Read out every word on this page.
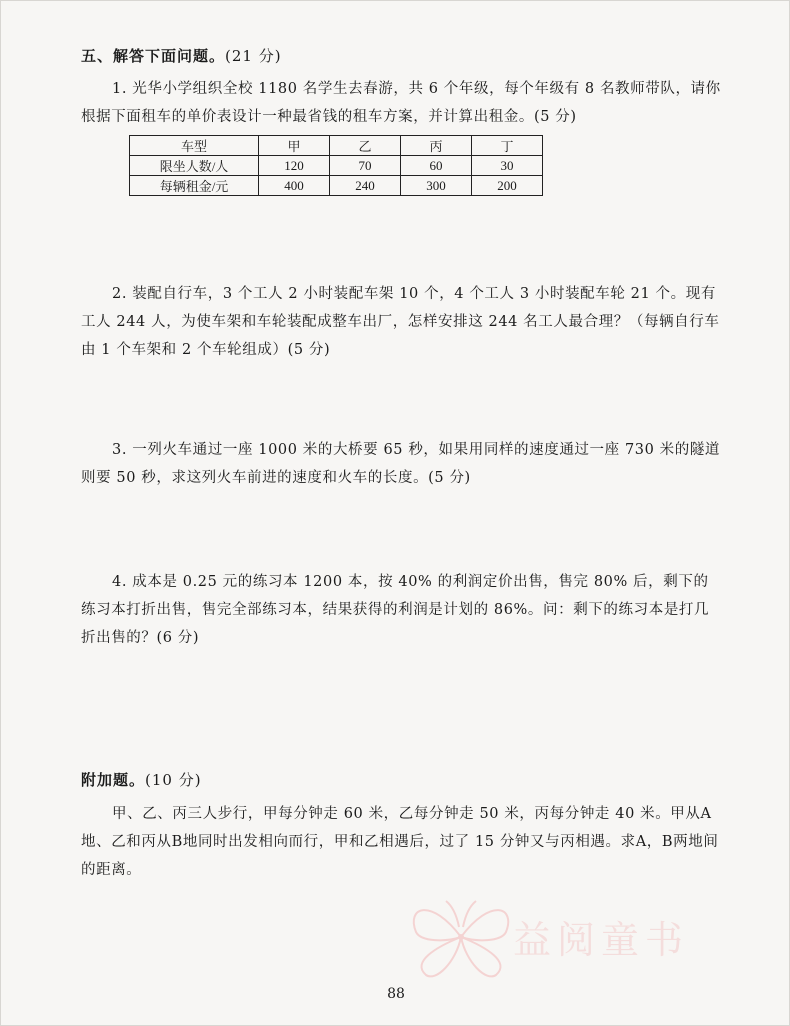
五、解答下面问题。(21 分)
1. 光华小学组织全校 1180 名学生去春游，共 6 个年级，每个年级有 8 名教师带队，请你根据下面租车的单价表设计一种最省钱的租车方案，并计算出租金。(5 分)
车型	甲	乙	丙	丁
限坐人数/人	120	70	60	30
每辆租金/元	400	240	300	200
2. 装配自行车，3 个工人 2 小时装配车架 10 个，4 个工人 3 小时装配车轮 21 个。现有工人 244 人，为使车架和车轮装配成整车出厂，怎样安排这 244 名工人最合理？（每辆自行车由 1 个车架和 2 个车轮组成）(5 分)
3. 一列火车通过一座 1000 米的大桥要 65 秒，如果用同样的速度通过一座 730 米的隧道则要 50 秒，求这列火车前进的速度和火车的长度。(5 分)
4. 成本是 0.25 元的练习本 1200 本，按 40% 的利润定价出售，售完 80% 后，剩下的练习本打折出售，售完全部练习本，结果获得的利润是计划的 86%。问：剩下的练习本是打几折出售的？(6 分)
附加题。(10 分)
甲、乙、丙三人步行，甲每分钟走 60 米，乙每分钟走 50 米，丙每分钟走 40 米。甲从A地、乙和丙从B地同时出发相向而行，甲和乙相遇后，过了 15 分钟又与丙相遇。求A，B两地间的距离。
益阅童书
88
